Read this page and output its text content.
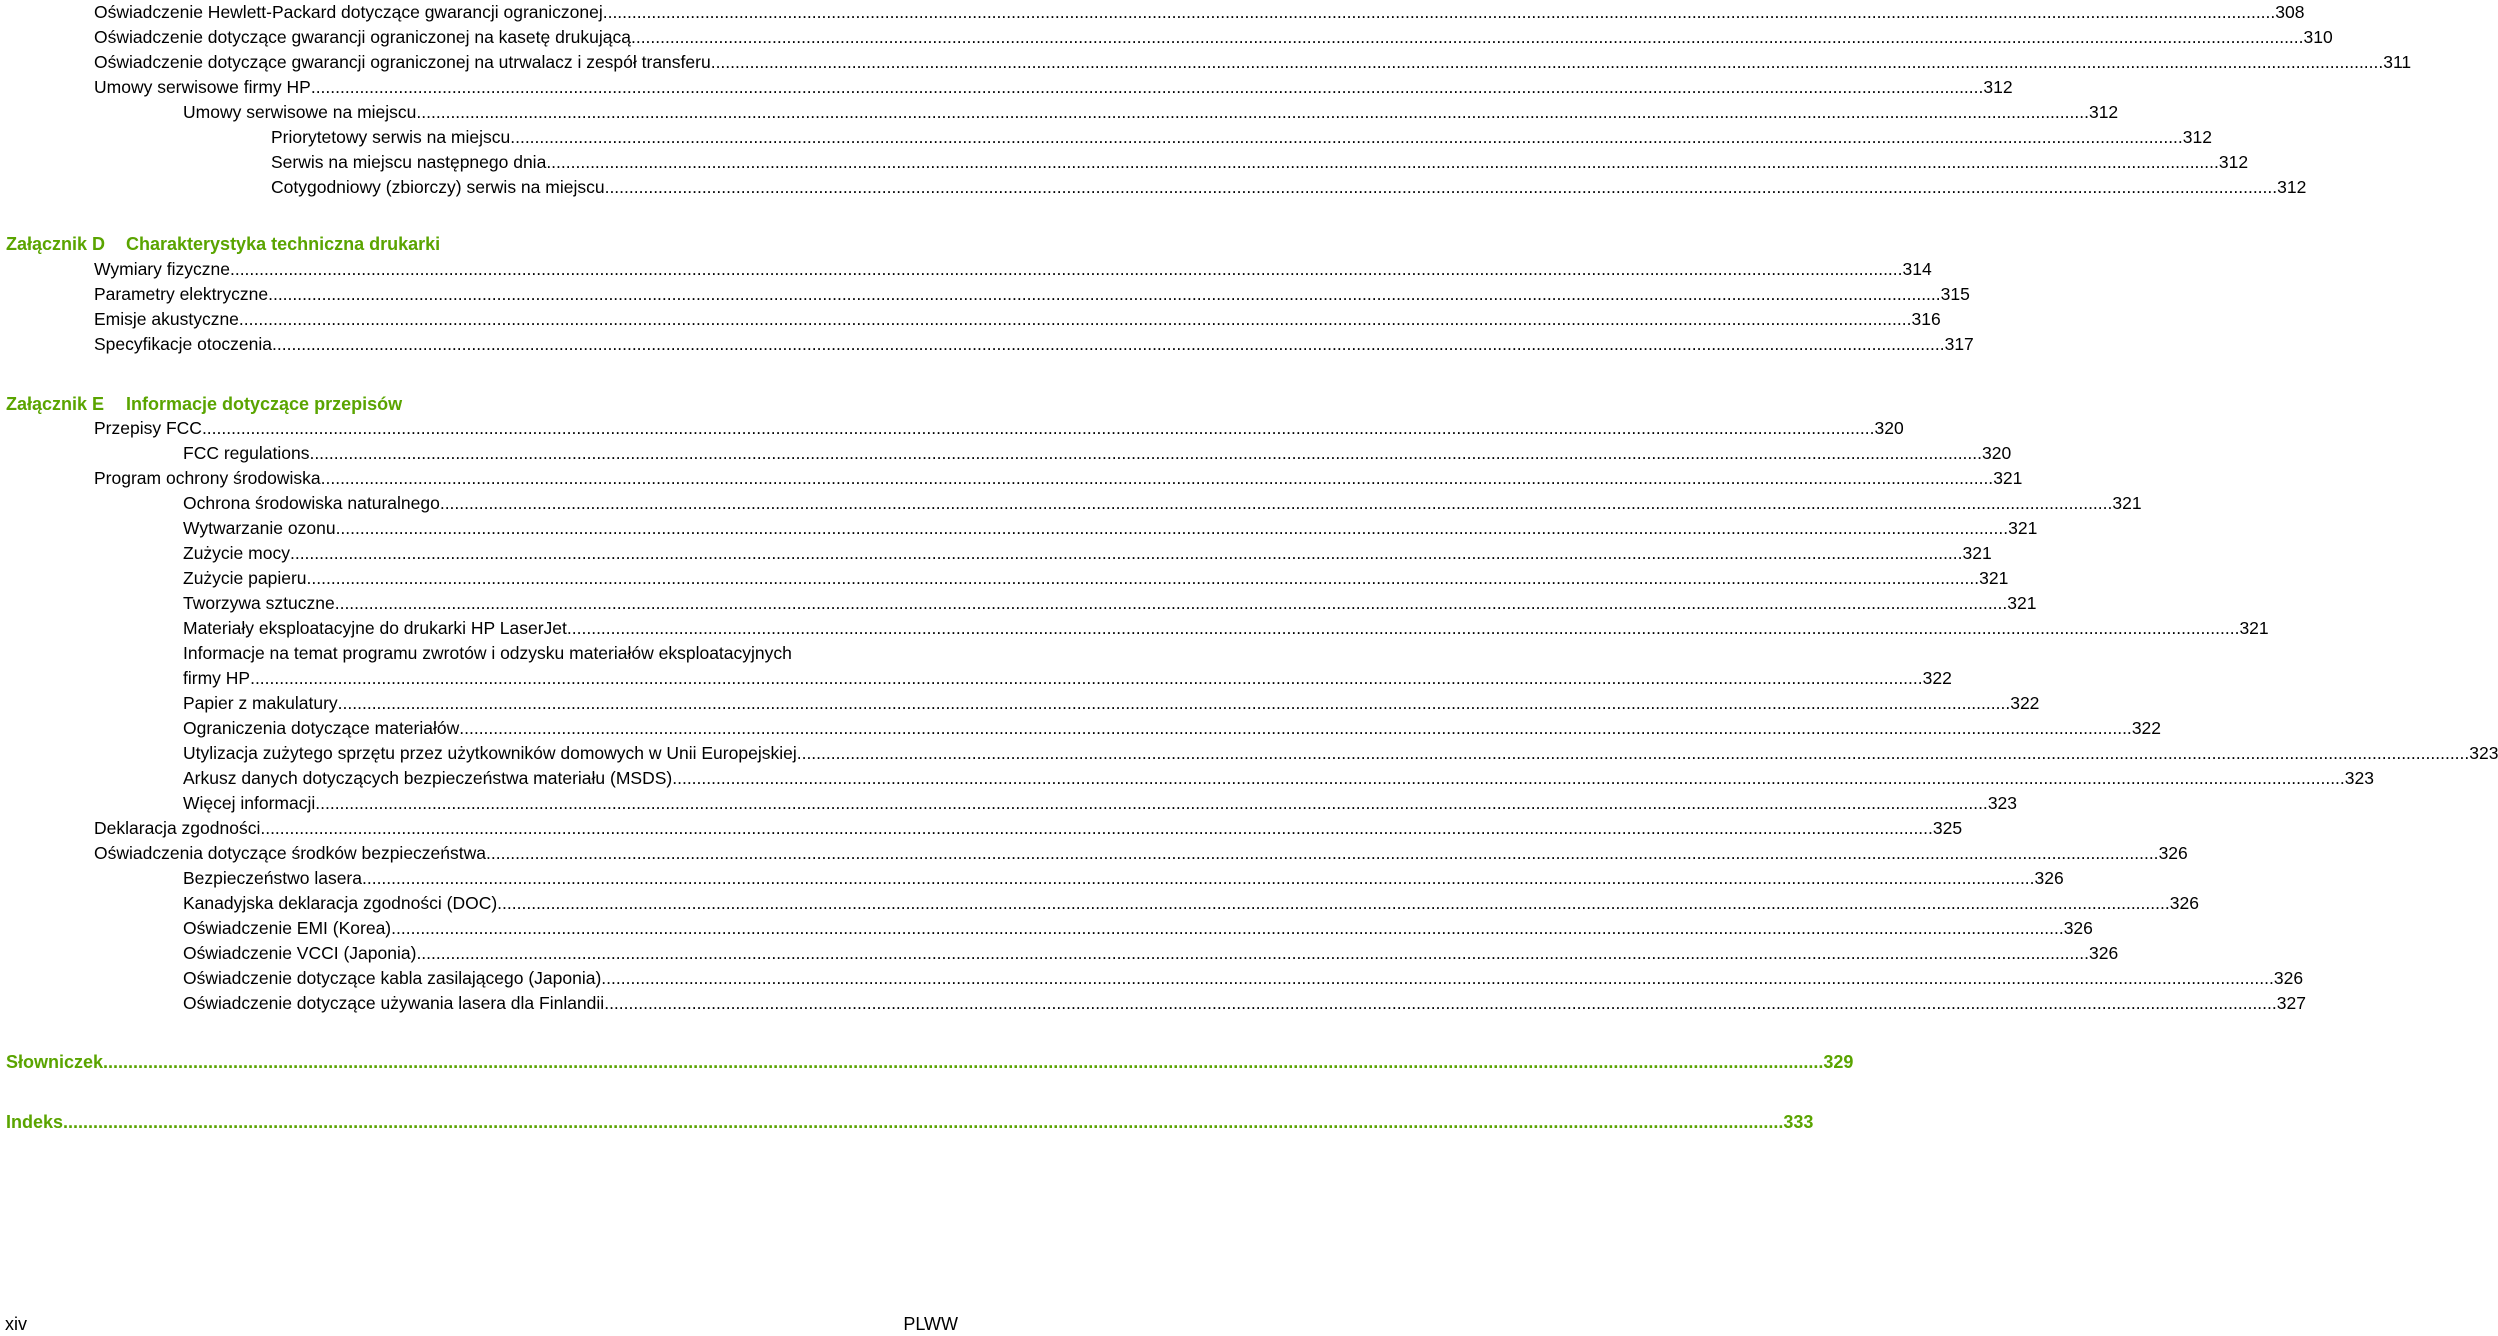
Oświadczenie Hewlett-Packard dotyczące gwarancji ograniczonej .....	308
Oświadczenie dotyczące gwarancji ograniczonej na kasetę drukującą .....	310
Oświadczenie dotyczące gwarancji ograniczonej na utrwalacz i zespół transferu .....	311
Umowy serwisowe firmy HP .....	312
Umowy serwisowe na miejscu .....	312
Priorytetowy serwis na miejscu .....	312
Serwis na miejscu następnego dnia .....	312
Cotygodniowy (zbiorczy) serwis na miejscu .....	312
Załącznik D Charakterystyka techniczna drukarki
Wymiary fizyczne .....	314
Parametry elektryczne .....	315
Emisje akustyczne .....	316
Specyfikacje otoczenia .....	317
Załącznik E Informacje dotyczące przepisów
Przepisy FCC .....	320
FCC regulations .....	320
Program ochrony środowiska .....	321
Ochrona środowiska naturalnego .....	321
Wytwarzanie ozonu .....	321
Zużycie mocy .....	321
Zużycie papieru .....	321
Tworzywa sztuczne .....	321
Materiały eksploatacyjne do drukarki HP LaserJet .....	321
Informacje na temat programu zwrotów i odzysku materiałów eksploatacyjnych
firmy HP .....	322
Papier z makulatury .....	322
Ograniczenia dotyczące materiałów .....	322
Utylizacja zużytego sprzętu przez użytkowników domowych w Unii Europejskiej .....	323
Arkusz danych dotyczących bezpieczeństwa materiału (MSDS) .....	323
Więcej informacji .....	323
Deklaracja zgodności .....	325
Oświadczenia dotyczące środków bezpieczeństwa .....	326
Bezpieczeństwo lasera .....	326
Kanadyjska deklaracja zgodności (DOC) .....	326
Oświadczenie EMI (Korea) .....	326
Oświadczenie VCCI (Japonia) .....	326
Oświadczenie dotyczące kabla zasilającego (Japonia) .....	326
Oświadczenie dotyczące używania lasera dla Finlandii .....	327
Słowniczek .....	329
Indeks .....	333
xiv	PLWW
